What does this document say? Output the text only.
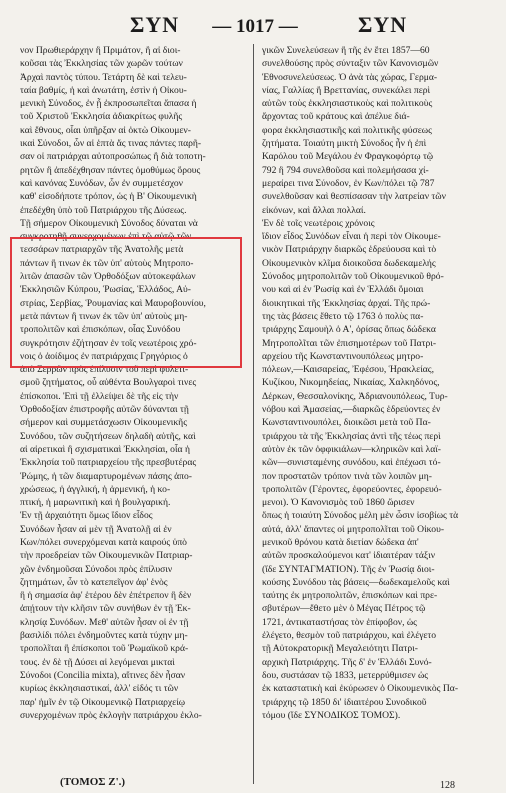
ΣΥΝ	— 1017 —	ΣΥΝ
νον Πρωθιεράρχην ἢ Πριμάτον, ἢ αἱ διοι-
κοῦσαι τὰς Ἐκκλησίας τῶν χωρῶν τούτων
Ἀρχαὶ παντὸς τύπου. Τετάρτη δὲ καὶ τελευ-
ταία βαθμίς, ἡ καὶ ἀνωτάτη, ἐστὶν ἡ Οἰκου-
μενικὴ Σύνοδος, ἐν ᾗ ἐκπροσωπεῖται ἅπασα ἡ
τοῦ Χριστοῦ Ἐκκλησία ἀδιακρίτως φυλῆς
καὶ ἔθνους, οἷαι ὑπῆρξαν αἱ ὀκτὼ Οἰκουμεν-
ικαὶ Σύνοδοι, ὧν αἱ ἑπτὰ ἅς τινας πάντες παρῆ-
σαν οἱ πατριάρχαι αὐτοπροσώπως ἢ διὰ τοποτη-
ρητῶν ἢ ἀπεδέχθησαν πάντες ὁμοθύμως ὅρους
καὶ κανόνας Συνόδων, ὧν ἐν συμμετέσχον
καθ' εἰσοδήποτε τρόπον, ὡς ἡ Β' Οἰκουμενικὴ
ἐπεδέχθη ὑπὸ τοῦ Πατριάρχου τῆς Δύσεως.
Τῇ σήμερον Οἰκουμενικὴ Σύνοδος δύναται νὰ
συγκροτηθῇ συνερχομένων ἐπὶ τῷ αὐτῷ τῶν
τεσσάρων πατριαρχῶν τῆς Ἀνατολῆς μετὰ
πάντων ἢ τινων ἐκ τῶν ὑπ' αὐτοὺς Μητροπο-
λιτῶν ἁπασῶν τῶν Ὀρθοδόξων αὐτοκεφάλων
Ἐκκλησιῶν Κύπρου, Ῥωσίας, Ἑλλάδος, Αὐ-
στρίας, Σερβίας, Ῥουμανίας καὶ Μαυροβουνίου,
μετὰ πάντων ἢ τινων ἐκ τῶν ὑπ' αὐτοὺς μη-
τροπολιτῶν καὶ ἐπισκόπων, οἷας Συνόδου
συγκρότησιν ἐζήτησαν ἐν τοῖς νεωτέροις χρό-
νοις ὁ ἀοίδιμος ἐν πατριάρχαις Γρηγόριος ὁ
ἀπὸ Σερρῶν πρὸς ἐπίλυσιν τοῦ περὶ φυλετι-
σμοῦ ζητήματος, οὗ αὐθέντα Βουλγαροὶ τινες
ἐπίσκοποι. Ἐπὶ τῇ ἐλλείψει δὲ τῆς εἰς τὴν
Ὀρθοδοξίαν ἐπιστροφῆς αὐτῶν δύνανται τῇ
σήμερον καὶ συμμετάσχωσιν Οἰκουμενικῆς
Συνόδου, τῶν συζητήσεων δηλαδὴ αὐτῆς, καὶ
αἱ αἱρετικαὶ ἢ σχισματικαὶ Ἐκκλησίαι, οἷα ἡ
Ἐκκλησία τοῦ πατριαρχείου τῆς πρεσβυτέρας
Ῥώμης, ἡ τῶν διαμαρτυρομένων πάσης ἀπο-
χρώσεως, ἡ ἀγγλική, ἡ ἀρμενική, ἡ κο-
πτική, ἡ μαρωνιτικὴ καὶ ἡ βουλγαρική.
Ἐν τῇ ἀρχαιότητι ὅμως ἴδιον εἶδος
Συνόδων ἦσαν αἱ μὲν τῇ Ἀνατολῇ αἱ ἐν
Κων/πόλει συνερχόμεναι κατὰ καιρούς ὑπὸ
τὴν προεδρείαν τῶν Οἰκουμενικῶν Πατριαρ-
χῶν ἐνδημοῦσαι Σύνοδοι πρὸς ἐπίλυσιν
ζητημάτων, ὧν τὸ κατεπεῖγον ἀφ' ἑνὸς
ἢ ἡ σημασία ἀφ' ἑτέρου δὲν ἐπέτρεπον ἢ δὲν
ἀπῄτουν τὴν κλῆσιν τῶν συνήθων ἐν τῇ Ἐκ-
κλησίᾳ Συνόδων. Μεθ' αὐτῶν ἦσαν οἱ ἐν τῇ
βασιλίδι πόλει ἐνδημοῦντες κατὰ τύχην μη-
τροπολῖται ἢ ἐπίσκοποι τοῦ Ῥωμαϊκοῦ κρά-
τους. ἐν δὲ τῇ Δύσει αἱ λεγόμεναι μικταὶ
Σύνοδοι (Concilia mixta), αἵτινες δὲν ἦσαν
κυρίως ἐκκλησιαστικαί, ἀλλ' εἰδός τι τῶν
παρ' ἡμῖν ἐν τῷ Οἰκουμενικῷ Πατριαρχείῳ
συνερχομένων πρὸς ἐκλογὴν πατριάρχου ἐκλο-
γικῶν Συνελεύσεων ἢ τῆς ἐν ἔτει 1857—60
συνελθούσης πρὸς σύνταξιν τῶν Κανονισμῶν
Ἐθνοσυνελεύσεως. Ὁ ἀνὰ τὰς χώρας, Γερμα-
νίας, Γαλλίας ἢ Βρεττανίας, συνεκάλει περὶ
αὐτῶν τοὺς ἐκκλησιαστικοὺς καὶ πολιτικοὺς
ἄρχοντας τοῦ κράτους καὶ ἀπέλυε διά-
φορα ἐκκλησιαστικῆς καὶ πολιτικῆς φύσεως
ζητήματα. Τοιαύτη μικτὴ Σύνοδος ἦν ἡ ἐπὶ
Καρόλου τοῦ Μεγάλου ἐν Φραγκοφόρτῳ τῷ
792 ἢ 794 συνελθοῦσα καὶ πολεμήσασα χί-
μεραίρει τινα Σύνοδον, ἐν Κων/πόλει τῷ 787
συνελθοῦσαν καὶ θεσπίσασαν τὴν λατρείαν τῶν
εἰκόνων, καὶ ἄλλαι πολλαί.
Ἐν δὲ τοῖς νεωτέροις χρόνοις
ἴδιον εἶδος Συνόδων εἶναι ἡ περὶ τὸν Οἰκουμε-
νικὸν Πατριάρχην διαρκῶς ἑδρεύουσα καὶ τὸ
Οἰκουμενικὸν κλῖμα διοικοῦσα δωδεκαμελής
Σύνοδος μητροπολιτῶν τοῦ Οἰκουμενικοῦ θρό-
νου καὶ αἱ ἐν Ῥωσίᾳ καὶ ἐν Ἑλλάδι ὅμοιαι
διοικητικαὶ τῆς Ἐκκλησίας ἀρχαί. Τῆς πρώ-
της τὰς βάσεις ἔθετο τῷ 1763 ὁ πολὺς πα-
τριάρχης Σαμουὴλ ὁ Α', ὁρίσας ὅπως δώδεκα
Μητροπολῖται τῶν ἐπισημοτέρων τοῦ Πατρι-
αρχείου τῆς Κωνσταντινουπόλεως μητρο-
πόλεων,—Καισαρείας, Ἐφέσου, Ἡρακλείας,
Κυζίκου, Νικομηδείας, Νικαίας, Χαλκηδόνος,
Δέρκων, Θεσσαλονίκης, Ἀδριανουπόλεως, Τυρ-
νόβου καὶ Ἀμασείας,—διαρκῶς ἑδρεύοντες ἐν
Κωνσταντινουπόλει, διοικῶσι μετὰ τοῦ Πα-
τριάρχου τὰ τῆς Ἐκκλησίας ἀντὶ τῆς τέως περὶ
αὐτὸν ἐκ τῶν ὀφφικιάλων—κληρικῶν καὶ λαϊ-
κῶν—συνισταμένης συνόδου, καὶ ἐπέχωσι τό-
πον προστατῶν τρόπον τινὰ τῶν λοιπῶν μη-
τροπολιτῶν (Γέροντες, ἐφορεύοντες, ἐφορευό-
μενοι). Ὁ Κανονισμὸς τοῦ 1860 ὥρισεν
ὅπως ἡ τοιαύτη Σύνοδος μέλη μὲν ὦσιν ἰσοβίως τὰ
αὐτά, ἀλλ' ἅπαντες οἱ μητροπολῖται τοῦ Οἰκου-
μενικοῦ θρόνου κατὰ διετίαν δώδεκα ἀπ'
αὐτῶν προσκαλούμενοι κατ' ἰδιαιτέραν τάξιν
(ἴδε ΣΥΝΤΑΓΜΑΤΙΟΝ). Τῆς ἐν Ῥωσίᾳ διοι-
κούσης Συνόδου τὰς βάσεις—δωδεκαμελοῦς καὶ
ταύτης ἐκ μητροπολιτῶν, ἐπισκόπων καὶ πρε-
σβυτέρων—ἔθετο μὲν ὁ Μέγας Πέτρος τῷ
1721, ἀντικαταστήσας τὸν ἐπίφοβον, ὡς
ἐλέγετο, θεσμὸν τοῦ πατριάρχου, καὶ ἐλέγετο
τῇ Αὐτοκρατορικῇ Μεγαλειότητι Πατρι-
αρχικὴ Πατριάρχης. Τῆς δ' ἐν Ἑλλάδι Συνό-
δου, συστάσαν τῷ 1833, μετερρύθμισεν ὡς
ἐκ καταστατικὴ καὶ ἐκύρωσεν ὁ Οἰκουμενικὸς Πα-
τριάρχης τῷ 1850 δι' ἰδιαιτέρου Συνοδικοῦ
τόμου (ἴδε ΣΥΝΟΔΙΚΟΣ ΤΟΜΟΣ).
(ΤΟΜΟΣ Ζ'.)	128
